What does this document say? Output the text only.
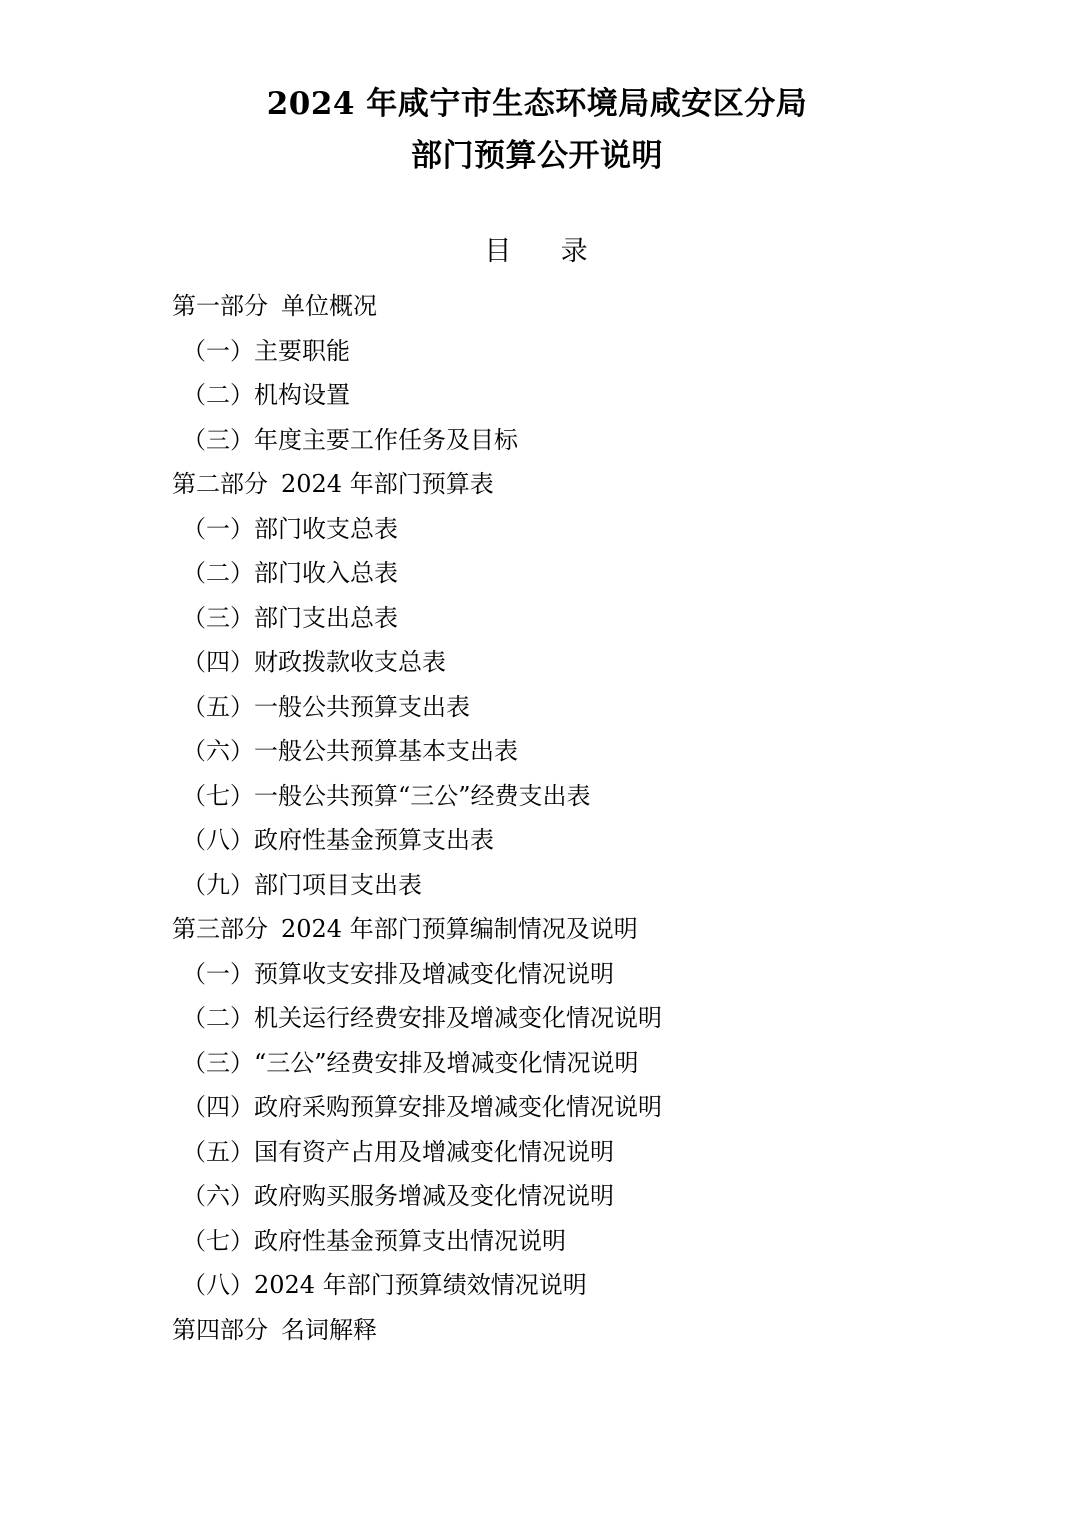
2024 年咸宁市生态环境局咸安区分局
部门预算公开说明
目 录
第一部分 单位概况
（一）主要职能
（二）机构设置
（三）年度主要工作任务及目标
第二部分 2024 年部门预算表
（一）部门收支总表
（二）部门收入总表
（三）部门支出总表
（四）财政拨款收支总表
（五）一般公共预算支出表
（六）一般公共预算基本支出表
（七）一般公共预算“三公”经费支出表
（八）政府性基金预算支出表
（九）部门项目支出表
第三部分 2024 年部门预算编制情况及说明
（一）预算收支安排及增减变化情况说明
（二）机关运行经费安排及增减变化情况说明
（三）“三公”经费安排及增减变化情况说明
（四）政府采购预算安排及增减变化情况说明
（五）国有资产占用及增减变化情况说明
（六）政府购买服务增减及变化情况说明
（七）政府性基金预算支出情况说明
（八）2024 年部门预算绩效情况说明
第四部分 名词解释
